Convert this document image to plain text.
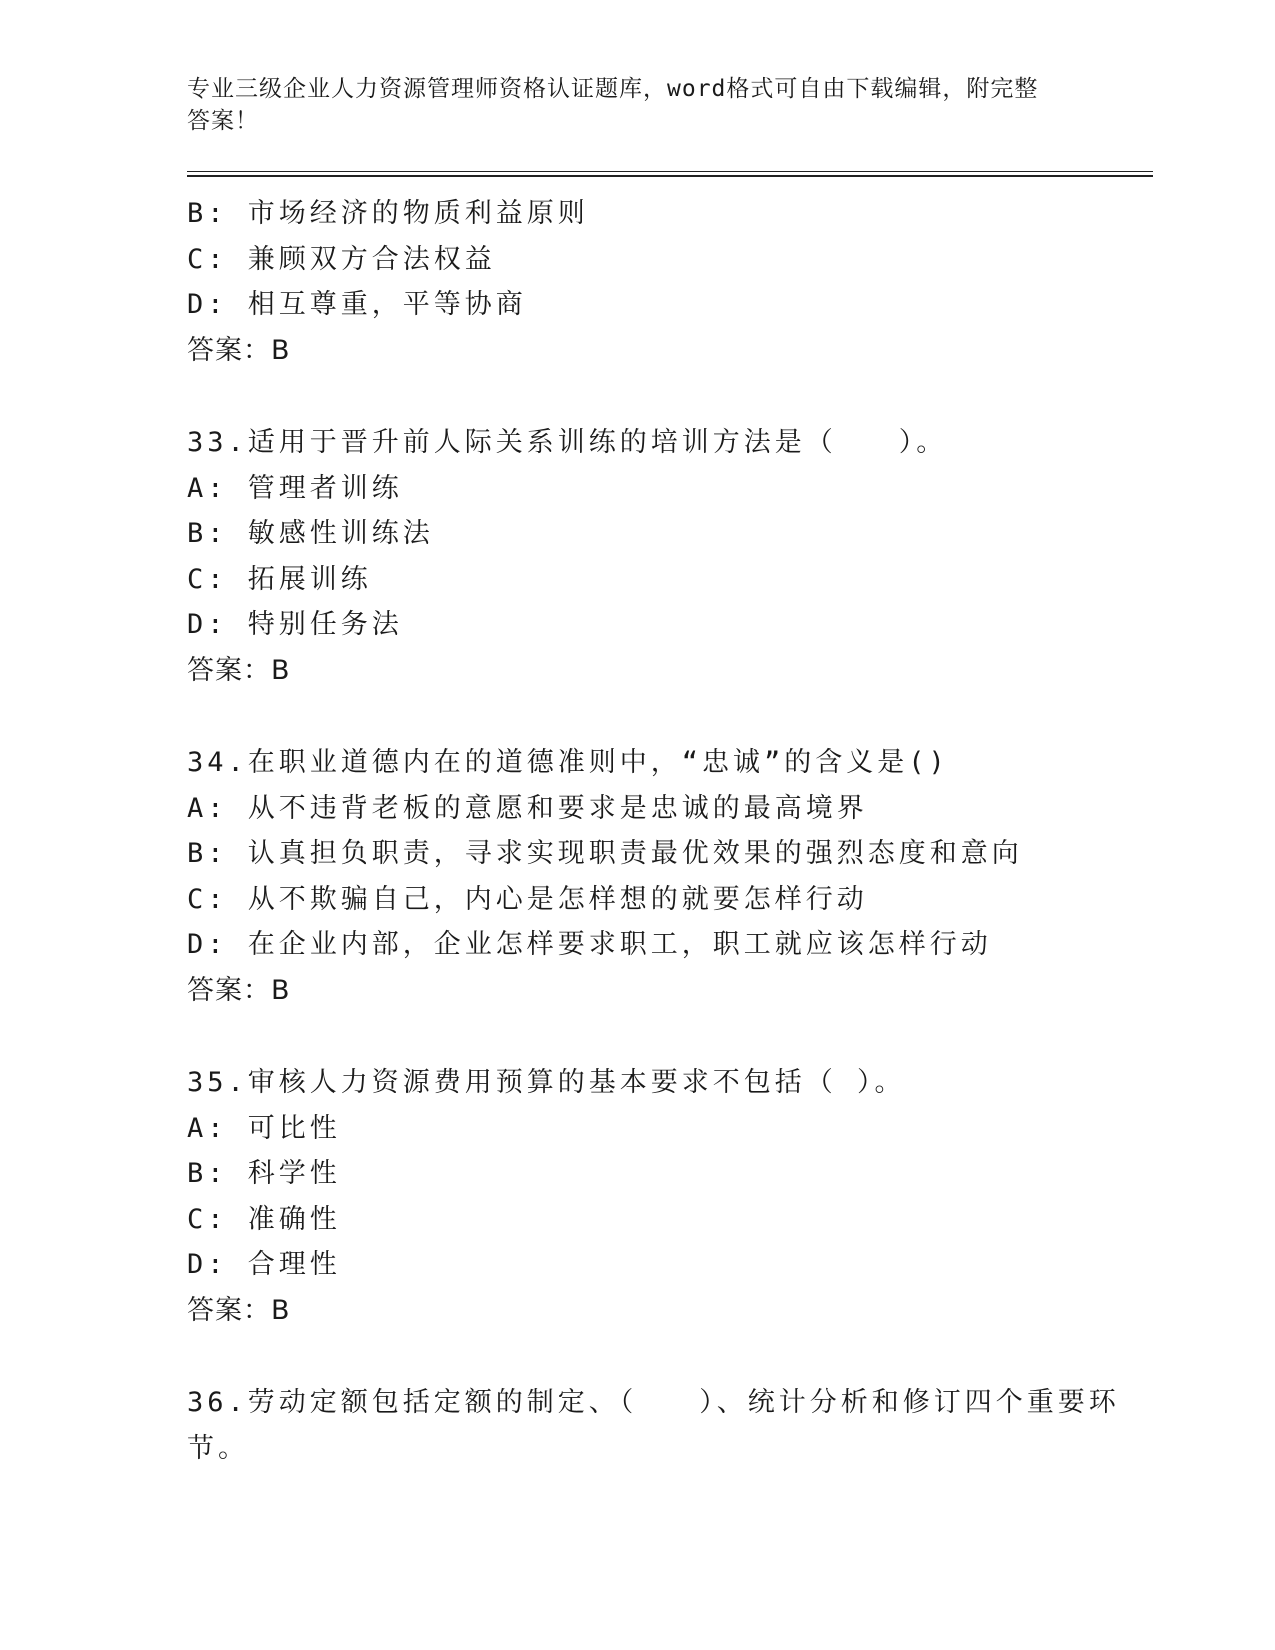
专业三级企业人力资源管理师资格认证题库，word格式可自由下载编辑，附完整
答案！
B: 市场经济的物质利益原则
C: 兼顾双方合法权益
D: 相互尊重，平等协商
答案：B
33.适用于晋升前人际关系训练的培训方法是（　　）。
A: 管理者训练
B: 敏感性训练法
C: 拓展训练
D: 特别任务法
答案：B
34.在职业道德内在的道德准则中，“忠诚”的含义是()
A: 从不违背老板的意愿和要求是忠诚的最高境界
B: 认真担负职责，寻求实现职责最优效果的强烈态度和意向
C: 从不欺骗自己，内心是怎样想的就要怎样行动
D: 在企业内部，企业怎样要求职工，职工就应该怎样行动
答案：B
35.审核人力资源费用预算的基本要求不包括（ ）。
A: 可比性
B: 科学性
C: 准确性
D: 合理性
答案：B
36.劳动定额包括定额的制定、（　　）、统计分析和修订四个重要环
节。
